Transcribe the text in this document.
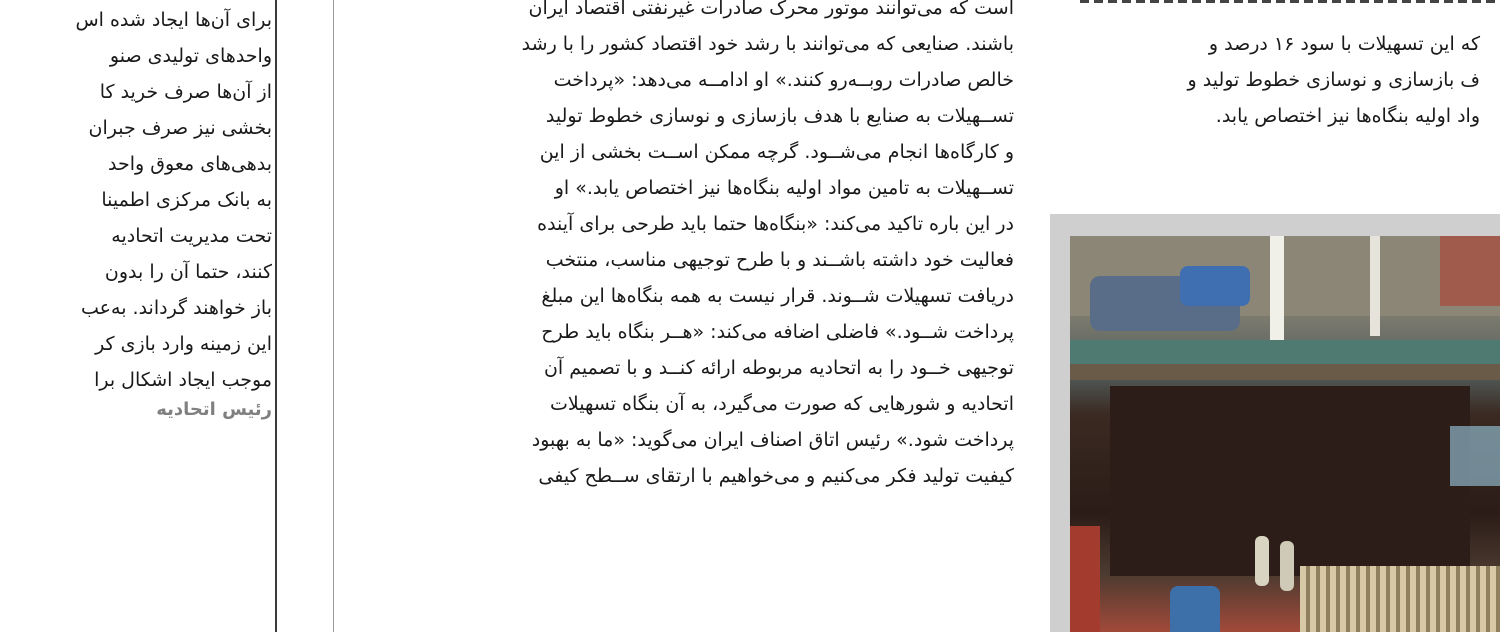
برای آن‌ها ایجاد شده اس
واحدهای تولیدی صنو
از آن‌ها صرف خرید کا
بخشی نیز صرف جبران
بدهی‌های معوق واحد
به بانک مرکزی اطمینا
تحت مدیریت اتحادیه
کنند، حتما آن را بدون
باز خواهند گرداند. به‌عب
این زمینه وارد بازی کر
موجب ایجاد اشکال برا
رئیس اتحادیه
است که می‌توانند موتور محرک صادرات غیرنفتی اقتصاد ایران
باشند. صنایعی که می‌توانند با رشد خود اقتصاد کشور را با رشد
خالص صادرات روبــه‌رو کنند.» او ادامــه می‌دهد: «پرداخت
تســهیلات به صنایع با هدف بازسازی و نوسازی خطوط تولید
و کارگاه‌ها انجام می‌شــود. گرچه ممکن اســت بخشی از این
تســهیلات به تامین مواد اولیه بنگاه‌ها نیز اختصاص یابد.» او
در این باره تاکید می‌کند: «بنگاه‌ها حتما باید طرحی برای آینده
فعالیت خود داشته باشــند و با طرح توجیهی مناسب، منتخب
دریافت تسهیلات شــوند. قرار نیست به همه بنگاه‌ها این مبلغ
پرداخت شــود.» فاضلی اضافه می‌کند: «هــر بنگاه باید طرح
توجیهی خــود را به اتحادیه مربوطه ارائه کنــد و با تصمیم آن
اتحادیه و شورهایی که صورت می‌گیرد، به آن بنگاه تسهیلات
پرداخت شود.» رئیس اتاق اصناف ایران می‌گوید: «ما به بهبود
کیفیت تولید فکر می‌کنیم و می‌خواهیم با ارتقای ســطح کیفی
که این تسهیلات با سود ۱۶ درصد و
ف بازسازی و نوسازی خطوط تولید و
واد اولیه بنگاه‌ها نیز اختصاص یابد.
